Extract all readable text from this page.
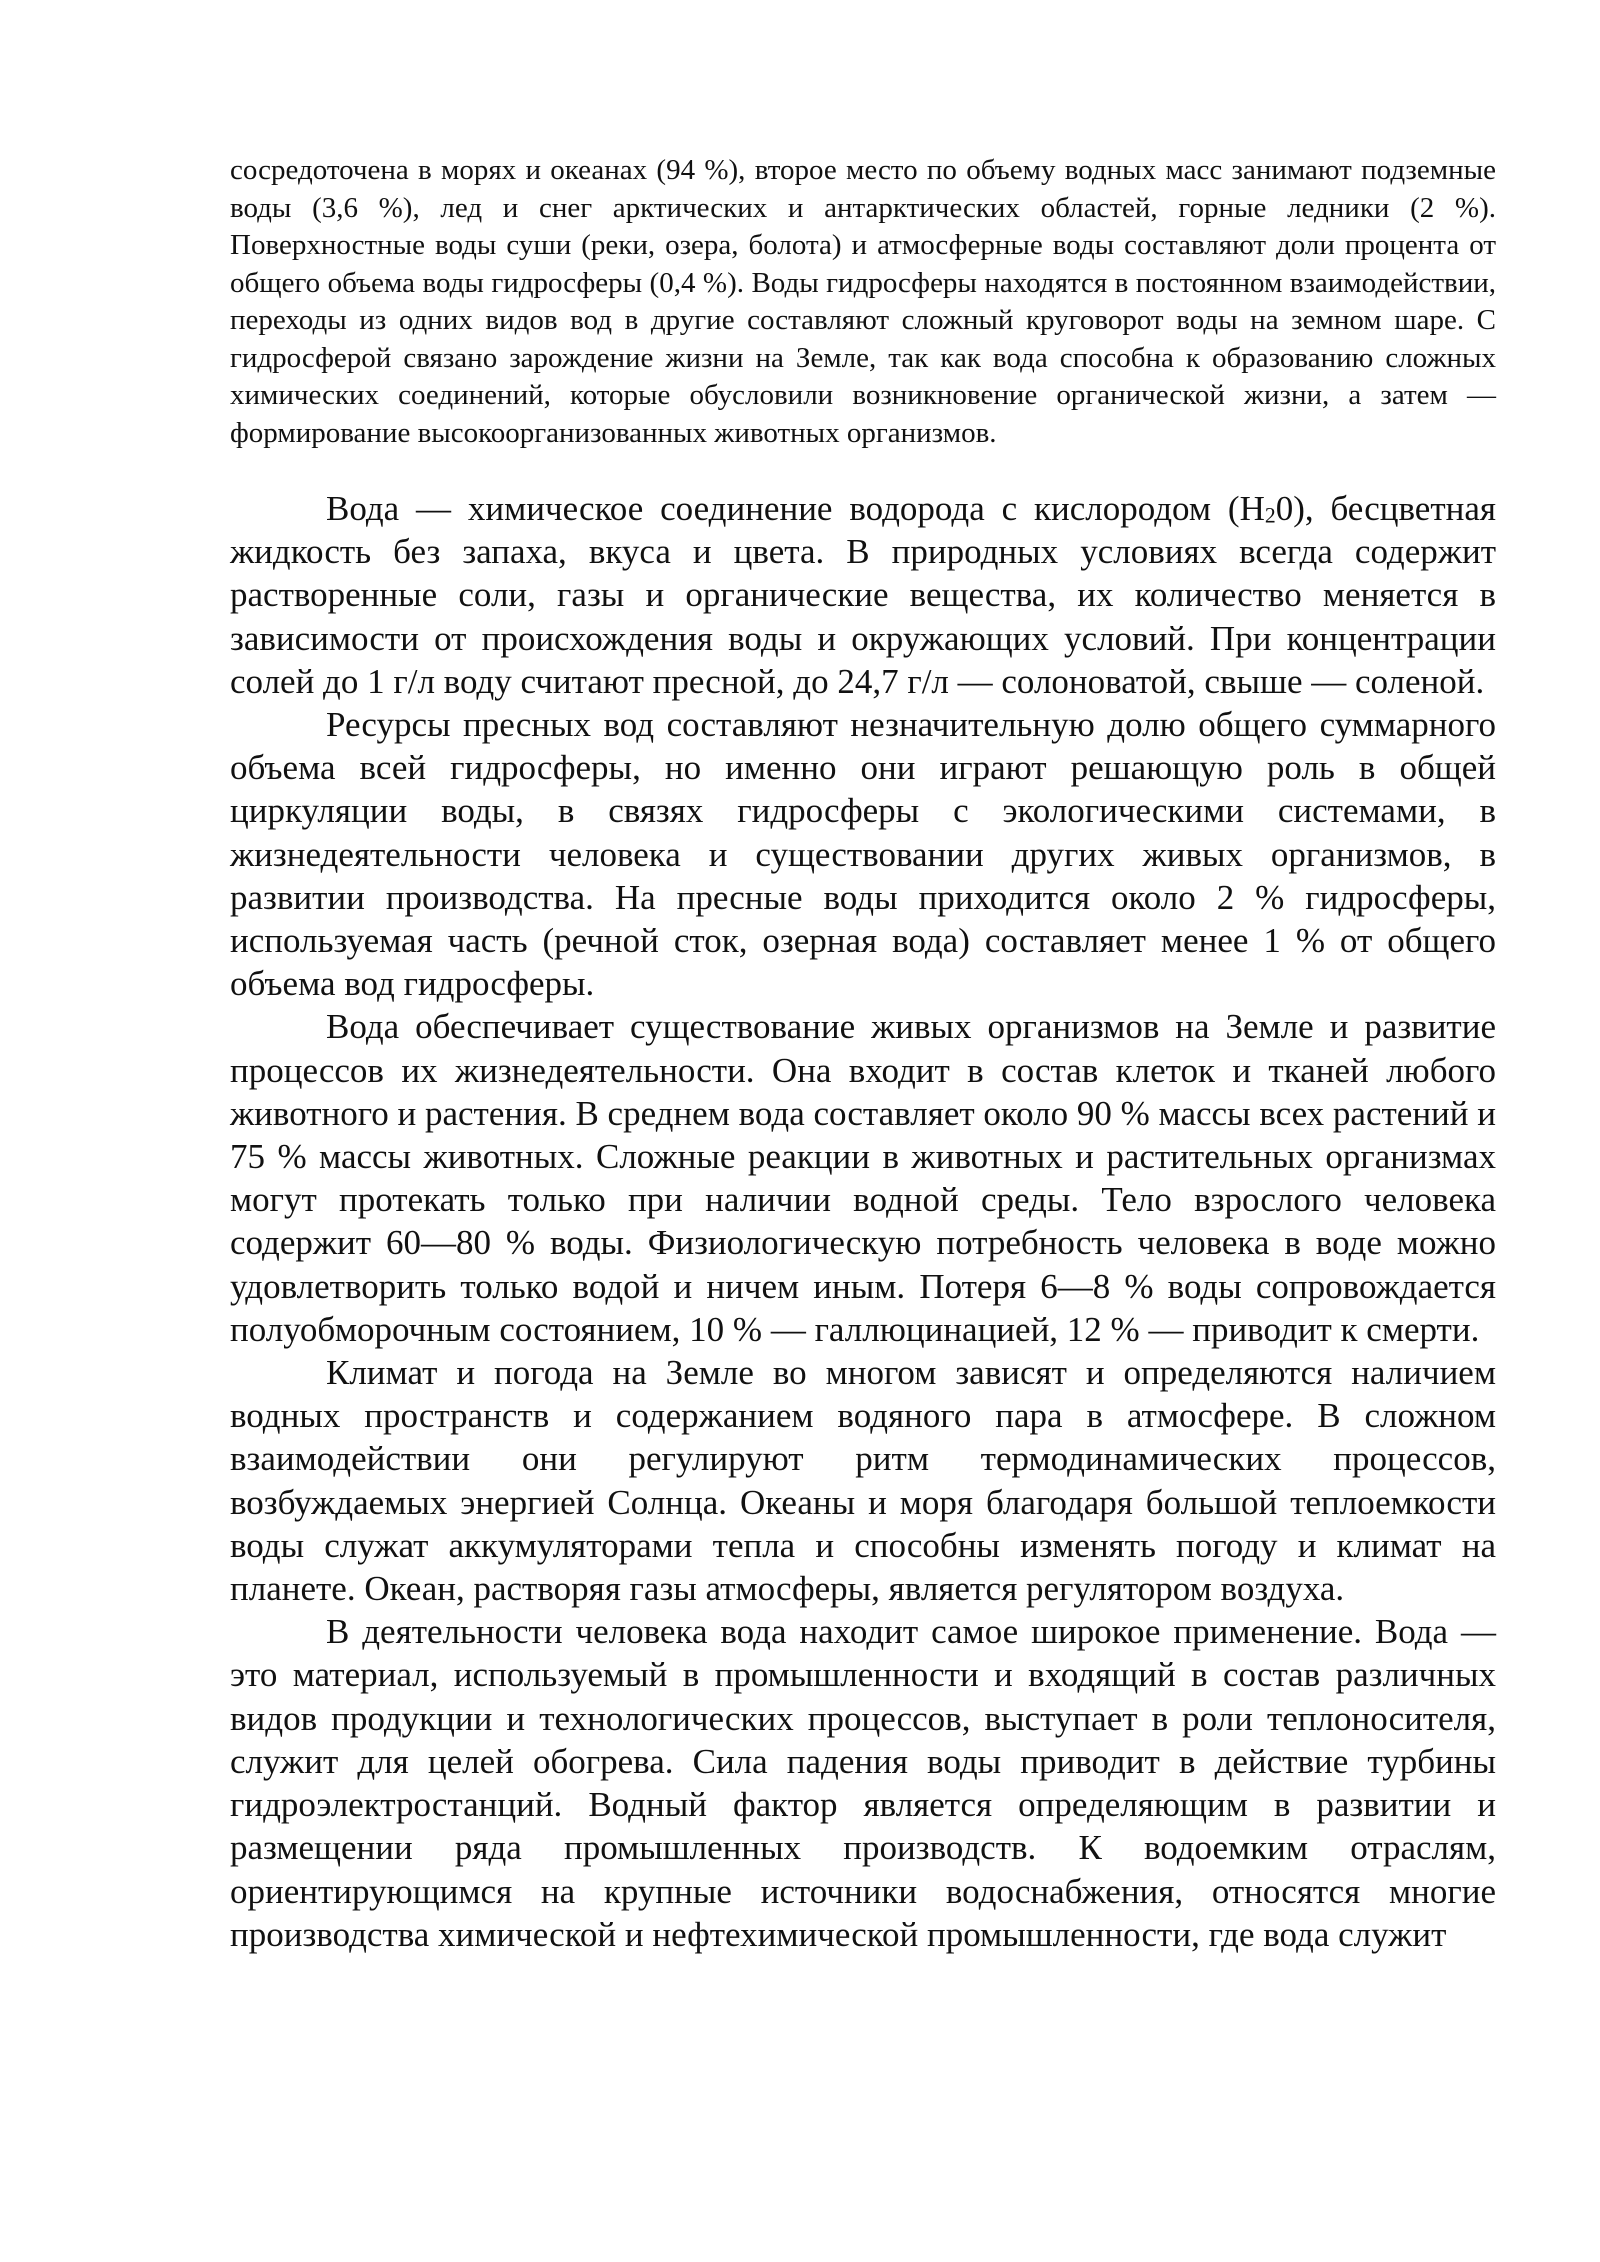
сосредоточена в морях и океанах (94 %), второе место по объему водных масс занимают подземные воды (3,6 %), лед и снег арктических и антарктических областей, горные ледники (2 %). Поверхностные воды суши (реки, озера, болота) и атмосферные воды составляют доли процента от общего объема воды гидросферы (0,4 %). Воды гидросферы находятся в постоянном взаимодействии, переходы из одних видов вод в другие составляют сложный круговорот воды на земном шаре. С гидросферой связано зарождение жизни на Земле, так как вода способна к образованию сложных химических соединений, которые обусловили возникновение органической жизни, а затем — формирование высокоорганизованных животных организмов.

Вода — химическое соединение водорода с кислородом (H20), бесцветная жидкость без запаха, вкуса и цвета. В природных условиях всегда содержит растворенные соли, газы и органические вещества, их количество меняется в зависимости от происхождения воды и окружающих условий. При концентрации солей до 1 г/л воду считают пресной, до 24,7 г/л — солоноватой, свыше — соленой.

Ресурсы пресных вод составляют незначительную долю общего суммарного объема всей гидросферы, но именно они играют решающую роль в общей циркуляции воды, в связях гидросферы с экологическими системами, в жизнедеятельности человека и существовании других живых организмов, в развитии производства. На пресные воды приходится около 2 % гидросферы, используемая часть (речной сток, озерная вода) составляет менее 1 % от общего объема вод гидросферы.

Вода обеспечивает существование живых организмов на Земле и развитие процессов их жизнедеятельности. Она входит в состав клеток и тканей любого животного и растения. В среднем вода составляет около 90 % массы всех растений и 75 % массы животных. Сложные реакции в животных и растительных организмах могут протекать только при наличии водной среды. Тело взрослого человека содержит 60—80 % воды. Физиологическую потребность человека в воде можно удовлетворить только водой и ничем иным. Потеря 6—8 % воды сопровождается полуобморочным состоянием, 10 % — галлюцинацией, 12 % — приводит к смерти.

Климат и погода на Земле во многом зависят и определяются наличием водных пространств и содержанием водяного пара в атмосфере. В сложном взаимодействии они регулируют ритм термодинамических процессов, возбуждаемых энергией Солнца. Океаны и моря благодаря большой теплоемкости воды служат аккумуляторами тепла и способны изменять погоду и климат на планете. Океан, растворяя газы атмосферы, является регулятором воздуха.

В деятельности человека вода находит самое широкое применение. Вода — это материал, используемый в промышленности и входящий в состав различных видов продукции и технологических процессов, выступает в роли теплоносителя, служит для целей обогрева. Сила падения воды приводит в действие турбины гидроэлектростанций. Водный фактор является определяющим в развитии и размещении ряда промышленных производств. К водоемким отраслям, ориентирующимся на крупные источники водоснабжения, относятся многие производства химической и нефтехимической промышленности, где вода служит
